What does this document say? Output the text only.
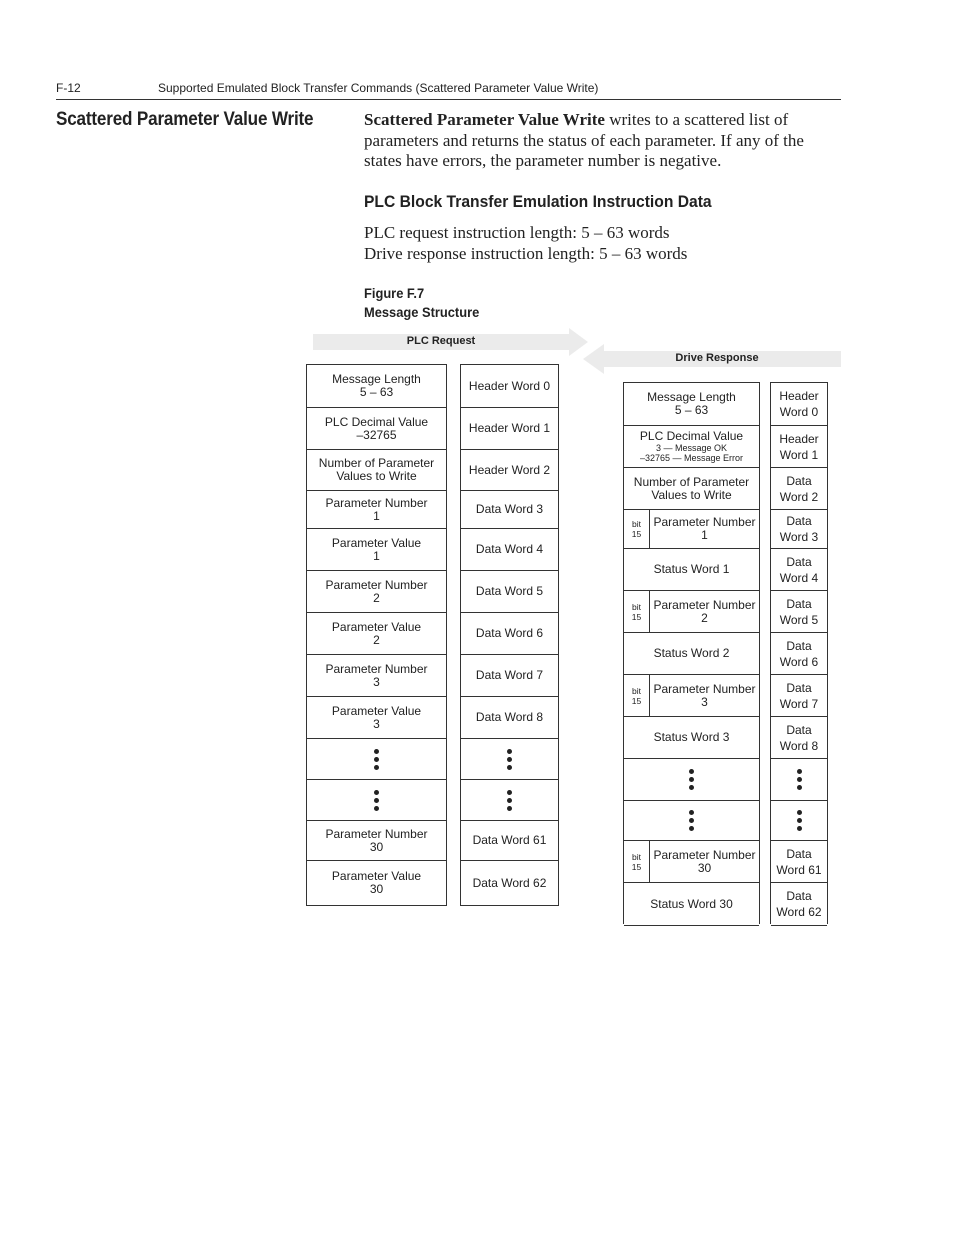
F-12	Supported Emulated Block Transfer Commands (Scattered Parameter Value Write)
Scattered Parameter Value Write	Scattered Parameter Value Write writes to a scattered list of parameters and returns the status of each parameter. If any of the states have errors, the parameter number is negative.
PLC Block Transfer Emulation Instruction Data
PLC request instruction length: 5 – 63 words
Drive response instruction length: 5 – 63 words
Figure F.7
Message Structure
PLC Request
Drive Response
Message Length
5 – 63
PLC Decimal Value
–32765
Number of Parameter
Values to Write
Parameter Number
1
Parameter Value
1
Parameter Number
2
Parameter Value
2
Parameter Number
3
Parameter Value
3
Parameter Number
30
Parameter Value
30
Header Word 0
Header Word 1
Header Word 2
Data Word 3
Data Word 4
Data Word 5
Data Word 6
Data Word 7
Data Word 8
Data Word 61
Data Word 62
Message Length
5 – 63
PLC Decimal Value
3 — Message OK
–32765 — Message Error
Number of Parameter
Values to Write
bit
15
Parameter Number
1
Status Word 1
bit
15
Parameter Number
2
Status Word 2
bit
15
Parameter Number
3
Status Word 3
bit
15
Parameter Number
30
Status Word 30
Header
Word 0
Header
Word 1
Data
Word 2
Data
Word 3
Data
Word 4
Data
Word 5
Data
Word 6
Data
Word 7
Data
Word 8
Data
Word 61
Data
Word 62
